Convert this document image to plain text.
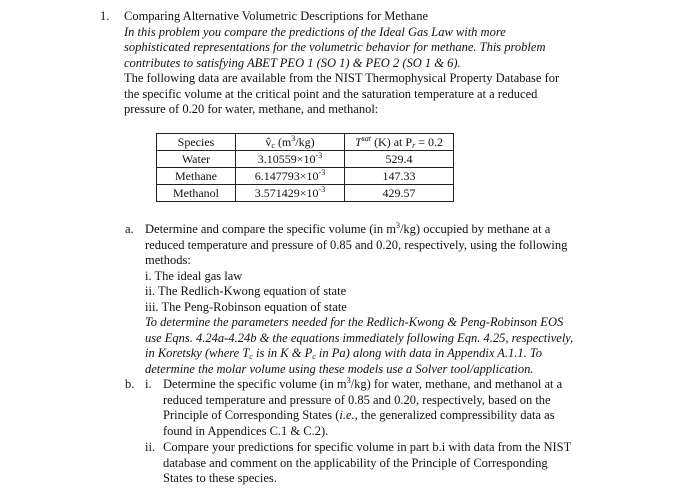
1. Comparing Alternative Volumetric Descriptions for Methane
In this problem you compare the predictions of the Ideal Gas Law with more
sophisticated representations for the volumetric behavior for methane. This problem
contributes to satisfying ABET PEO 1 (SO 1) & PEO 2 (SO 1 & 6).
The following data are available from the NIST Thermophysical Property Database for
the specific volume at the critical point and the saturation temperature at a reduced
pressure of 0.20 for water, methane, and methanol:
Species	$v̂_c$ $(m^3/kg)$	$T^{sat}$ (K) at $P_r = 0.2$
Water	$3.10559\times 10^{-3}$	529.4
Methane	$6.147793\times 10^{-3}$	147.33
Methanol	$3.571429\times 10^{-3}$	429.57
a. Determine and compare the specific volume (in $m^3/kg$) occupied by methane at a
reduced temperature and pressure of 0.85 and 0.20, respectively, using the following
methods:
i. The ideal gas law
ii. The Redlich-Kwong equation of state
iii. The Peng-Robinson equation of state
To determine the parameters needed for the Redlich-Kwong & Peng-Robinson EOS
use Eqns. 4.24a-4.24b & the equations immediately following Eqn. 4.25, respectively,
in Koretsky (where $T_c$ is in K & $P_c$ in Pa) along with data in Appendix A.1.1. To
determine the molar volume using these models use a Solver tool/application.
b. i. Determine the specific volume (in $m^3/kg$) for water, methane, and methanol at a
reduced temperature and pressure of 0.85 and 0.20, respectively, based on the
Principle of Corresponding States (i.e., the generalized compressibility data as
found in Appendices C.1 & C.2).
ii. Compare your predictions for specific volume in part b.i with data from the NIST
database and comment on the applicability of the Principle of Corresponding
States to these species.
